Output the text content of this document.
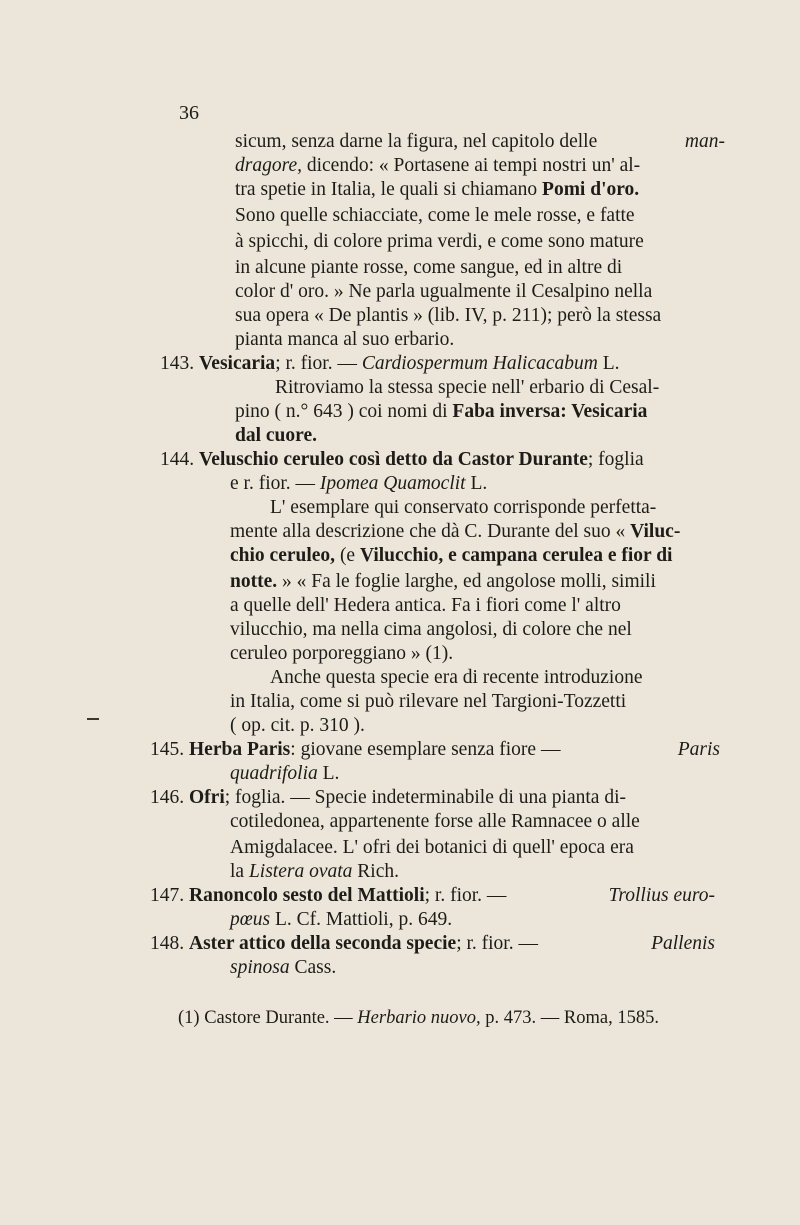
36
sicum, senza darne la figura, nel capitolo delle	man-
dragore, dicendo: « Portasene ai tempi nostri un' al-
tra spetie in Italia, le quali si chiamano Pomi d'oro.
Sono quelle schiacciate, come le mele rosse, e fatte
à spicchi, di colore prima verdi, e come sono mature
in alcune piante rosse, come sangue, ed in altre di
color d' oro. » Ne parla ugualmente il Cesalpino nella
sua opera « De plantis » (lib. IV, p. 211); però la stessa
pianta manca al suo erbario.
143. Vesicaria; r. fior. — Cardiospermum Halicacabum L.
Ritroviamo la stessa specie nell' erbario di Cesal-
pino ( n.° 643 ) coi nomi di Faba inversa: Vesicaria
dal cuore.
144. Veluschio ceruleo così detto da Castor Durante; foglia
e r. fior. — Ipomea Quamoclit L.
L' esemplare qui conservato corrisponde perfetta-
mente alla descrizione che dà C. Durante del suo « Viluc-
chio ceruleo, (e Vilucchio, e campana cerulea e fior di
notte. » « Fa le foglie larghe, ed angolose molli, simili
a quelle dell' Hedera antica. Fa i fiori come l' altro
vilucchio, ma nella cima angolosi, di colore che nel
ceruleo porporeggiano » (1).
Anche questa specie era di recente introduzione
in Italia, come si può rilevare nel Targioni-Tozzetti
( op. cit. p. 310 ).
145. Herba Paris: giovane esemplare senza fiore —	Paris
quadrifolia L.
146. Ofri; foglia. — Specie indeterminabile di una pianta di-
cotiledonea, appartenente forse alle Ramnacee o alle
Amigdalacee. L' ofri dei botanici di quell' epoca era
la Listera ovata Rich.
147. Ranoncolo sesto del Mattioli; r. fior. —	Trollius euro-
pœus L. Cf. Mattioli, p. 649.
148. Aster attico della seconda specie; r. fior. —	Pallenis
spinosa Cass.
(1) Castore Durante. — Herbario nuovo, p. 473. — Roma, 1585.
